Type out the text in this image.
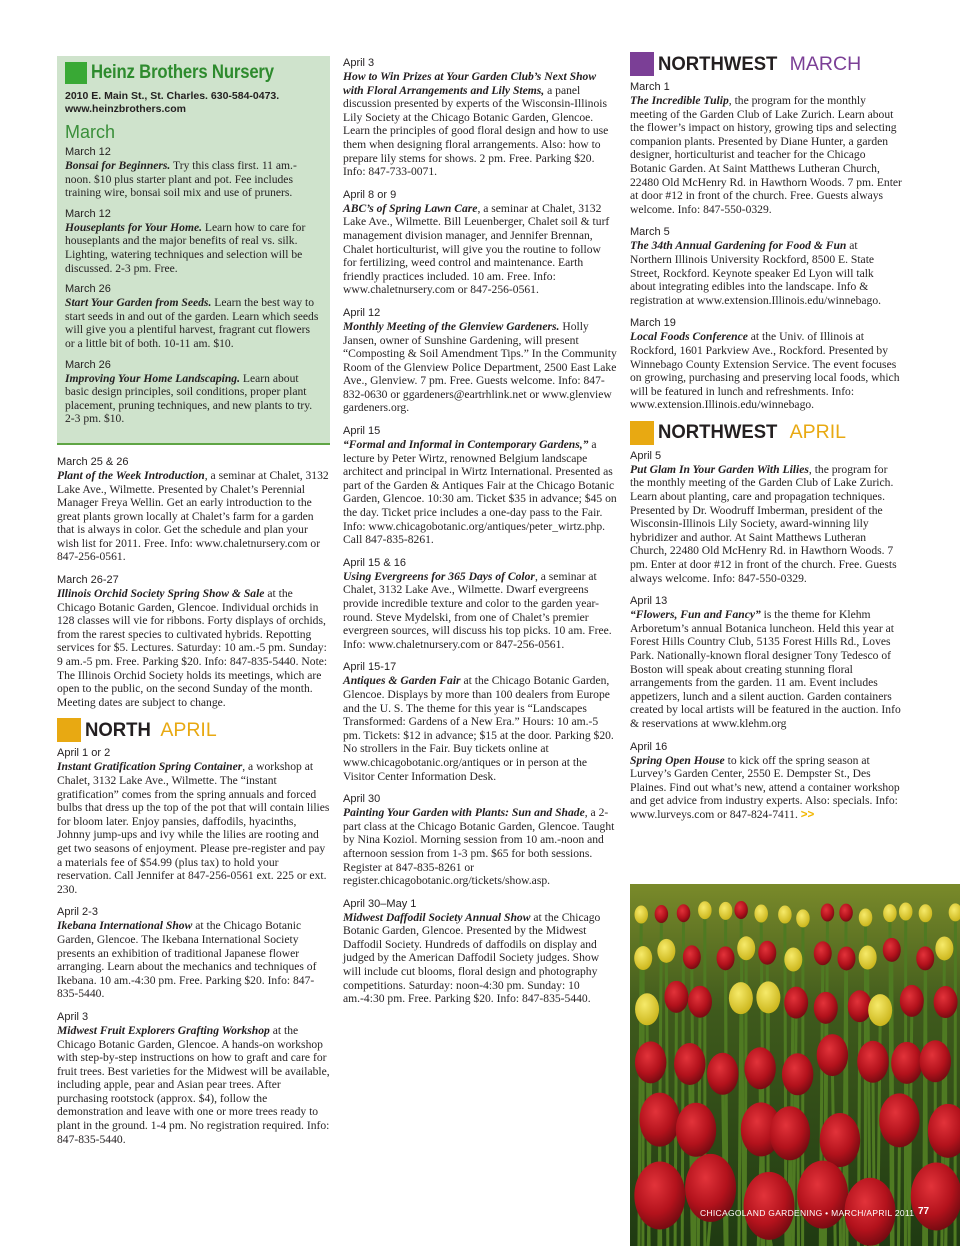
Heinz Brothers Nursery
2010 E. Main St., St. Charles. 630-584-0473.
www.heinzbrothers.com
March
March 12

Bonsai for Beginners. Try this class first. 11 am.-noon. $10 plus starter plant and pot. Fee includes training wire, bonsai soil mix and use of pruners.

March 12

Houseplants for Your Home. Learn how to care for houseplants and the major benefits of real vs. silk. Lighting, watering techniques and selection will be discussed. 2-3 pm. Free.

March 26

Start Your Garden from Seeds. Learn the best way to start seeds in and out of the garden. Learn which seeds will give you a plentiful harvest, fragrant cut flowers or a little bit of both. 10-11 am. $10.

March 26

Improving Your Home Landscaping. Learn about basic design principles, soil conditions, proper plant placement, pruning techniques, and new plants to try. 2-3 pm. $10.

March 25 & 26

Plant of the Week Introduction, a seminar at Chalet, 3132 Lake Ave., Wilmette. Presented by Chalet’s Perennial Manager Freya Wellin. Get an early introduction to the great plants grown locally at Chalet’s farm for a garden that is always in color. Get the schedule and plan your wish list for 2011. Free. Info: www.chaletnursery.com or 847-256-0561.

March 26-27

Illinois Orchid Society Spring Show & Sale at the Chicago Botanic Garden, Glencoe. Individual orchids in 128 classes will vie for ribbons. Forty displays of orchids, from the rarest species to cultivated hybrids. Repotting services for $5. Lectures. Saturday: 10 am.-5 pm. Sunday: 9 am.-5 pm. Free. Parking $20. Info: 847-835-5440. Note: The Illinois Orchid Society holds its meetings, which are open to the public, on the second Sunday of the month. Meeting dates are subject to change.

NORTH APRIL
April 1 or 2

Instant Gratification Spring Container, a workshop at Chalet, 3132 Lake Ave., Wilmette. The “instant gratification” comes from the spring annuals and forced bulbs that dress up the top of the pot that will contain lilies for bloom later. Enjoy pansies, daffodils, hyacinths, Johnny jump-ups and ivy while the lilies are rooting and get two seasons of enjoyment. Please pre-register and pay a materials fee of $54.99 (plus tax) to hold your reservation. Call Jennifer at 847-256-0561 ext. 225 or ext. 230.

April 2-3

Ikebana International Show at the Chicago Botanic Garden, Glencoe. The Ikebana International Society presents an exhibition of traditional Japanese flower arranging. Learn about the mechanics and techniques of Ikebana. 10 am.-4:30 pm. Free. Parking $20. Info: 847-835-5440.

April 3

Midwest Fruit Explorers Grafting Workshop at the Chicago Botanic Garden, Glencoe. A hands-on workshop with step-by-step instructions on how to graft and care for fruit trees. Best varieties for the Midwest will be available, including apple, pear and Asian pear trees. After purchasing rootstock (approx. $4), follow the demonstration and leave with one or more trees ready to plant in the ground. 1-4 pm. No registration required. Info: 847-835-5440.

April 3

How to Win Prizes at Your Garden Club’s Next Show with Floral Arrangements and Lily Stems, a panel discussion presented by experts of the Wisconsin-Illinois Lily Society at the Chicago Botanic Garden, Glencoe. Learn the principles of good floral design and how to use them when designing floral arrangements. Also: how to prepare lily stems for shows. 2 pm. Free. Parking $20. Info: 847-733-0071.

April 8 or 9

ABC’s of Spring Lawn Care, a seminar at Chalet, 3132 Lake Ave., Wilmette. Bill Leuenberger, Chalet soil & turf management division manager, and Jennifer Brennan, Chalet horticulturist, will give you the routine to follow for fertilizing, weed control and maintenance. Earth friendly practices included. 10 am. Free. Info: www.chaletnursery.com or 847-256-0561.

April 12

Monthly Meeting of the Glenview Gardeners. Holly Jansen, owner of Sunshine Gardening, will present “Composting & Soil Amendment Tips.” In the Community Room of the Glenview Police Department, 2500 East Lake Ave., Glenview. 7 pm. Free. Guests welcome. Info: 847-832-0630 or ggardeners@eartrhlink.net or www.glenview gardeners.org.

April 15

“Formal and Informal in Contemporary Gardens,” a lecture by Peter Wirtz, renowned Belgium landscape architect and principal in Wirtz International. Presented as part of the Garden & Antiques Fair at the Chicago Botanic Garden, Glencoe. 10:30 am. Ticket $35 in advance; $45 on the day. Ticket price includes a one-day pass to the Fair. Info: www.chicagobotanic.org/antiques/peter_wirtz.php. Call 847-835-8261.

April 15 & 16

Using Evergreens for 365 Days of Color, a seminar at Chalet, 3132 Lake Ave., Wilmette. Dwarf evergreens provide incredible texture and color to the garden year-round. Steve Mydelski, from one of Chalet’s premier evergreen sources, will discuss his top picks. 10 am. Free. Info: www.chaletnursery.com or 847-256-0561.

April 15-17

Antiques & Garden Fair at the Chicago Botanic Garden, Glencoe. Displays by more than 100 dealers from Europe and the U. S. The theme for this year is “Landscapes Transformed: Gardens of a New Era.” Hours: 10 am.-5 pm. Tickets: $12 in advance; $15 at the door. Parking $20. No strollers in the Fair. Buy tickets online at www.chicagobotanic.org/antiques or in person at the Visitor Center Information Desk.

April 30

Painting Your Garden with Plants: Sun and Shade, a 2-part class at the Chicago Botanic Garden, Glencoe. Taught by Nina Koziol. Morning session from 10 am.-noon and afternoon session from 1-3 pm. $65 for both sessions. Register at 847-835-8261 or register.chicagobotanic.org/tickets/show.asp.

April 30–May 1

Midwest Daffodil Society Annual Show at the Chicago Botanic Garden, Glencoe. Presented by the Midwest Daffodil Society. Hundreds of daffodils on display and judged by the American Daffodil Society judges. Show will include cut blooms, floral design and photography competitions. Saturday: noon-4:30 pm. Sunday: 10 am.-4:30 pm. Free. Parking $20. Info: 847-835-5440.

NORTHWEST MARCH
March 1

The Incredible Tulip, the program for the monthly meeting of the Garden Club of Lake Zurich. Learn about the flower’s impact on history, growing tips and selecting companion plants. Presented by Diane Hunter, a garden designer, horticulturist and teacher for the Chicago Botanic Garden. At Saint Matthews Lutheran Church, 22480 Old McHenry Rd. in Hawthorn Woods. 7 pm. Enter at door #12 in front of the church. Free. Guests always welcome. Info: 847-550-0329.

March 5

The 34th Annual Gardening for Food & Fun at Northern Illinois University Rockford, 8500 E. State Street, Rockford. Keynote speaker Ed Lyon will talk about integrating edibles into the landscape. Info & registration at www.extension.Illinois.edu/winnebago.

March 19

Local Foods Conference at the Univ. of Illinois at Rockford, 1601 Parkview Ave., Rockford. Presented by Winnebago County Extension Service. The event focuses on growing, purchasing and preserving local foods, which will be featured in lunch and refreshments. Info: www.extension.Illinois.edu/winnebago.

NORTHWEST APRIL
April 5

Put Glam In Your Garden With Lilies, the program for the monthly meeting of the Garden Club of Lake Zurich. Learn about planting, care and propagation techniques. Presented by Dr. Woodruff Imberman, president of the Wisconsin-Illinois Lily Society, award-winning lily hybridizer and author. At Saint Matthews Lutheran Church, 22480 Old McHenry Rd. in Hawthorn Woods. 7 pm. Enter at door #12 in front of the church. Free. Guests always welcome. Info: 847-550-0329.

April 13

“Flowers, Fun and Fancy” is the theme for Klehm Arboretum’s annual Botanica luncheon. Held this year at Forest Hills Country Club, 5135 Forest Hills Rd., Loves Park. Nationally-known floral designer Tony Tedesco of Boston will speak about creating stunning floral arrangements from the garden. 11 am. Event includes appetizers, lunch and a silent auction. Garden containers created by local artists will be featured in the auction. Info & reservations at www.klehm.org

April 16

Spring Open House to kick off the spring season at Lurvey’s Garden Center, 2550 E. Dempster St., Des Plaines. Find out what’s new, attend a container workshop and get advice from industry experts. Also: specials. Info: www.lurveys.com or 847-824-7411. >>

CHICAGOLAND GARDENING • MARCH/APRIL 2011 77
